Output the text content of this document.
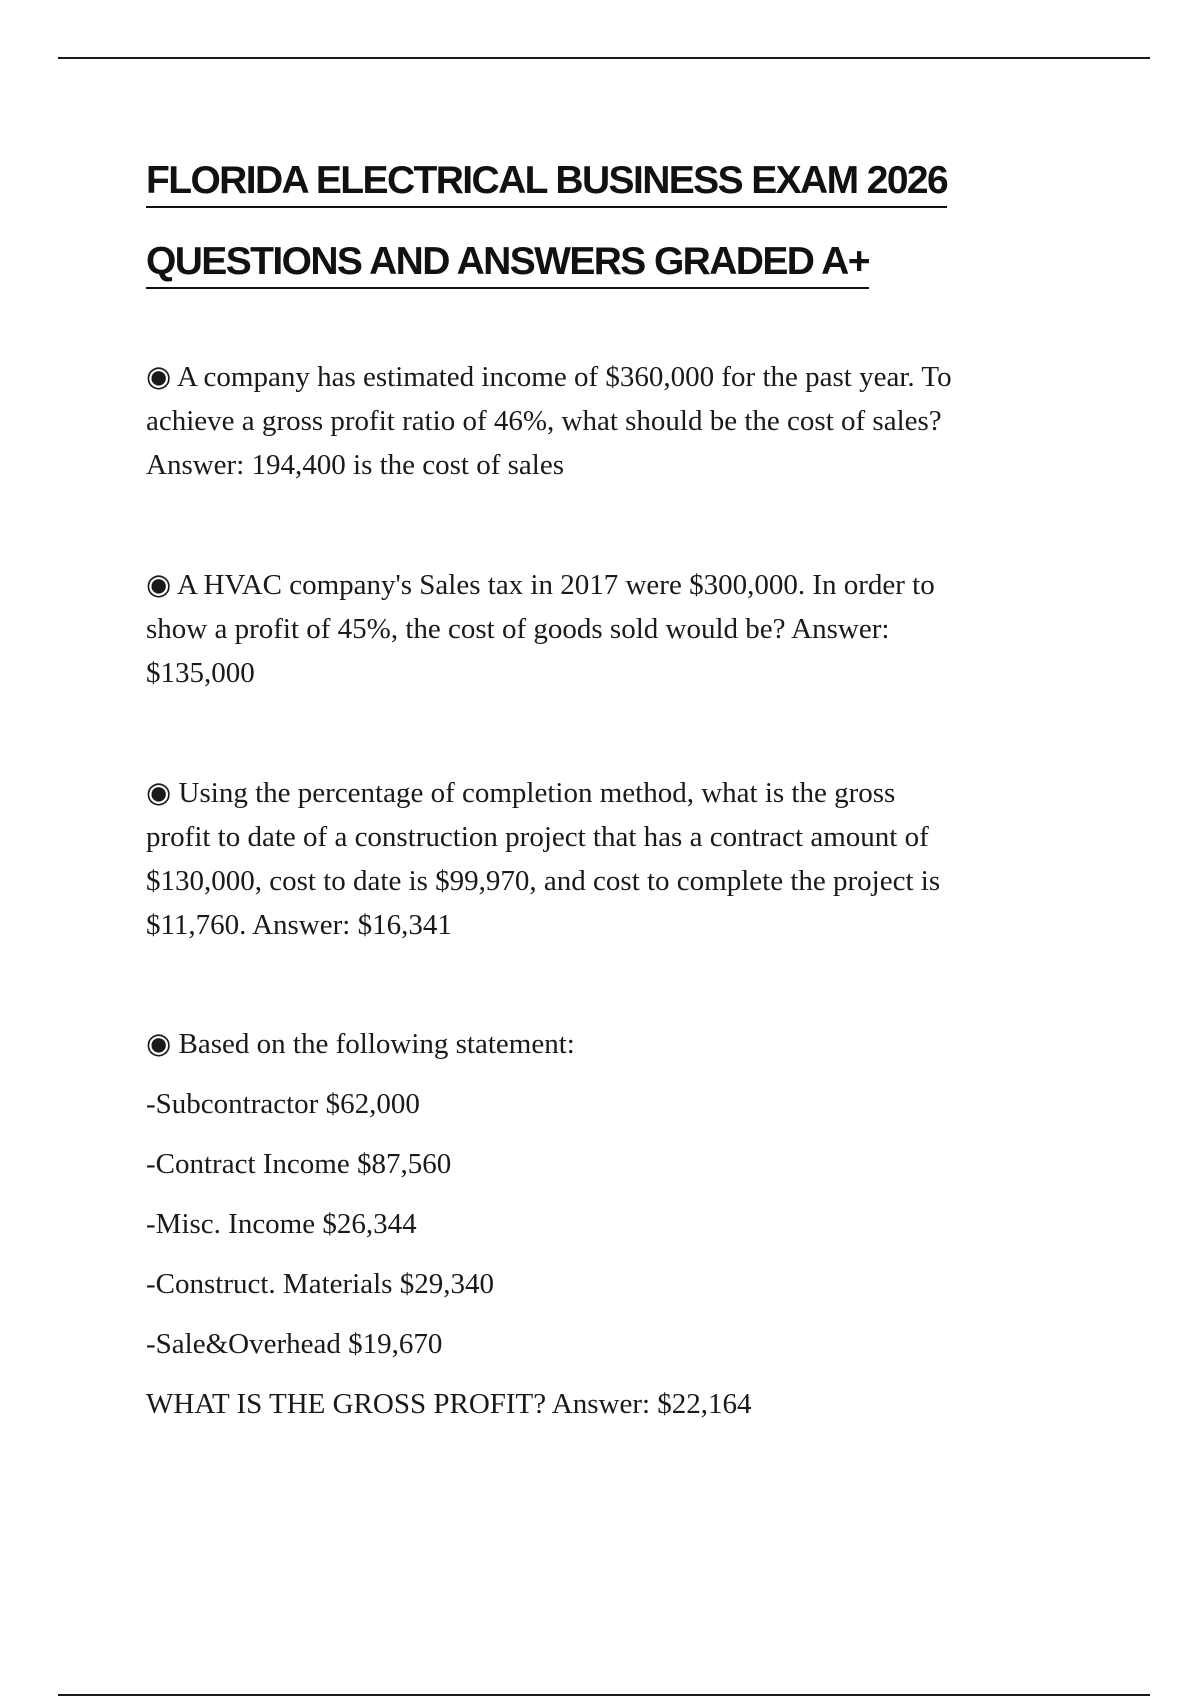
FLORIDA ELECTRICAL BUSINESS EXAM 2026
QUESTIONS AND ANSWERS GRADED A+
◉ A company has estimated income of $360,000 for the past year. To
achieve a gross profit ratio of 46%, what should be the cost of sales?
Answer: 194,400 is the cost of sales
◉ A HVAC company's Sales tax in 2017 were $300,000. In order to
show a profit of 45%, the cost of goods sold would be? Answer:
$135,000
◉ Using the percentage of completion method, what is the gross
profit to date of a construction project that has a contract amount of
$130,000, cost to date is $99,970, and cost to complete the project is
$11,760. Answer: $16,341
◉ Based on the following statement:
-Subcontractor $62,000
-Contract Income $87,560
-Misc. Income $26,344
-Construct. Materials $29,340
-Sale&Overhead $19,670
WHAT IS THE GROSS PROFIT? Answer: $22,164
